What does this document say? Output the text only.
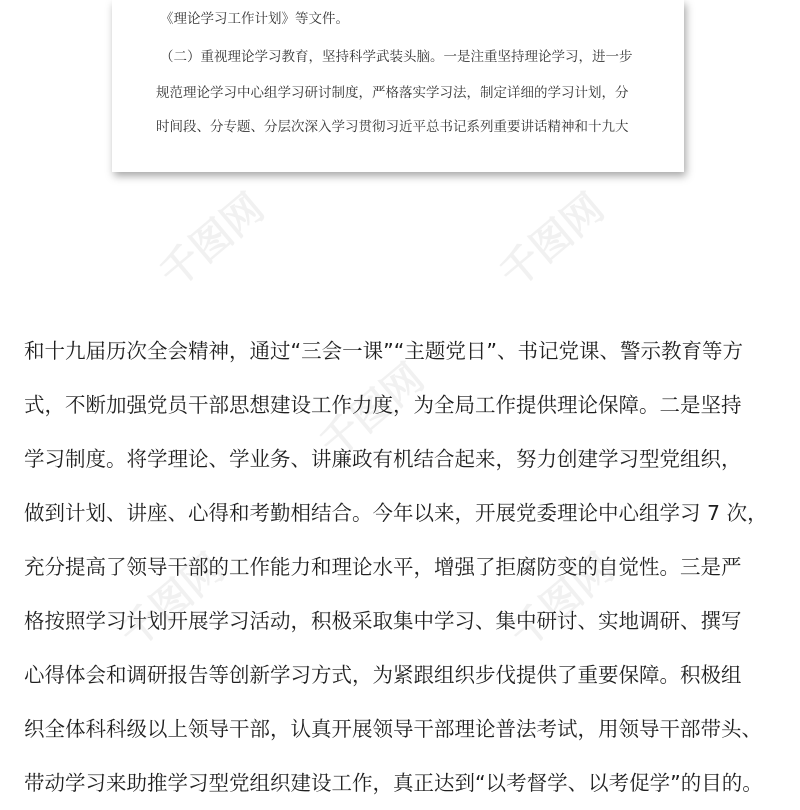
《理论学习工作计划》等文件。

（二）重视理论学习教育，坚持科学武装头脑。一是注重坚持理论学习，进一步

规范理论学习中心组学习研讨制度，严格落实学习法，制定详细的学习计划，分

时间段、分专题、分层次深入学习贯彻习近平总书记系列重要讲话精神和十九大

千图网	千图网
千图网
千图网	千图网
和十九届历次全会精神，通过“三会一课”“主题党日”、书记党课、警示教育等方
式，不断加强党员干部思想建设工作力度，为全局工作提供理论保障。二是坚持
学习制度。将学理论、学业务、讲廉政有机结合起来，努力创建学习型党组织，
做到计划、讲座、心得和考勤相结合。今年以来，开展党委理论中心组学习 7 次，
充分提高了领导干部的工作能力和理论水平，增强了拒腐防变的自觉性。三是严
格按照学习计划开展学习活动，积极采取集中学习、集中研讨、实地调研、撰写
心得体会和调研报告等创新学习方式，为紧跟组织步伐提供了重要保障。积极组
织全体科科级以上领导干部，认真开展领导干部理论普法考试，用领导干部带头、
带动学习来助推学习型党组织建设工作，真正达到“以考督学、以考促学”的目的。
